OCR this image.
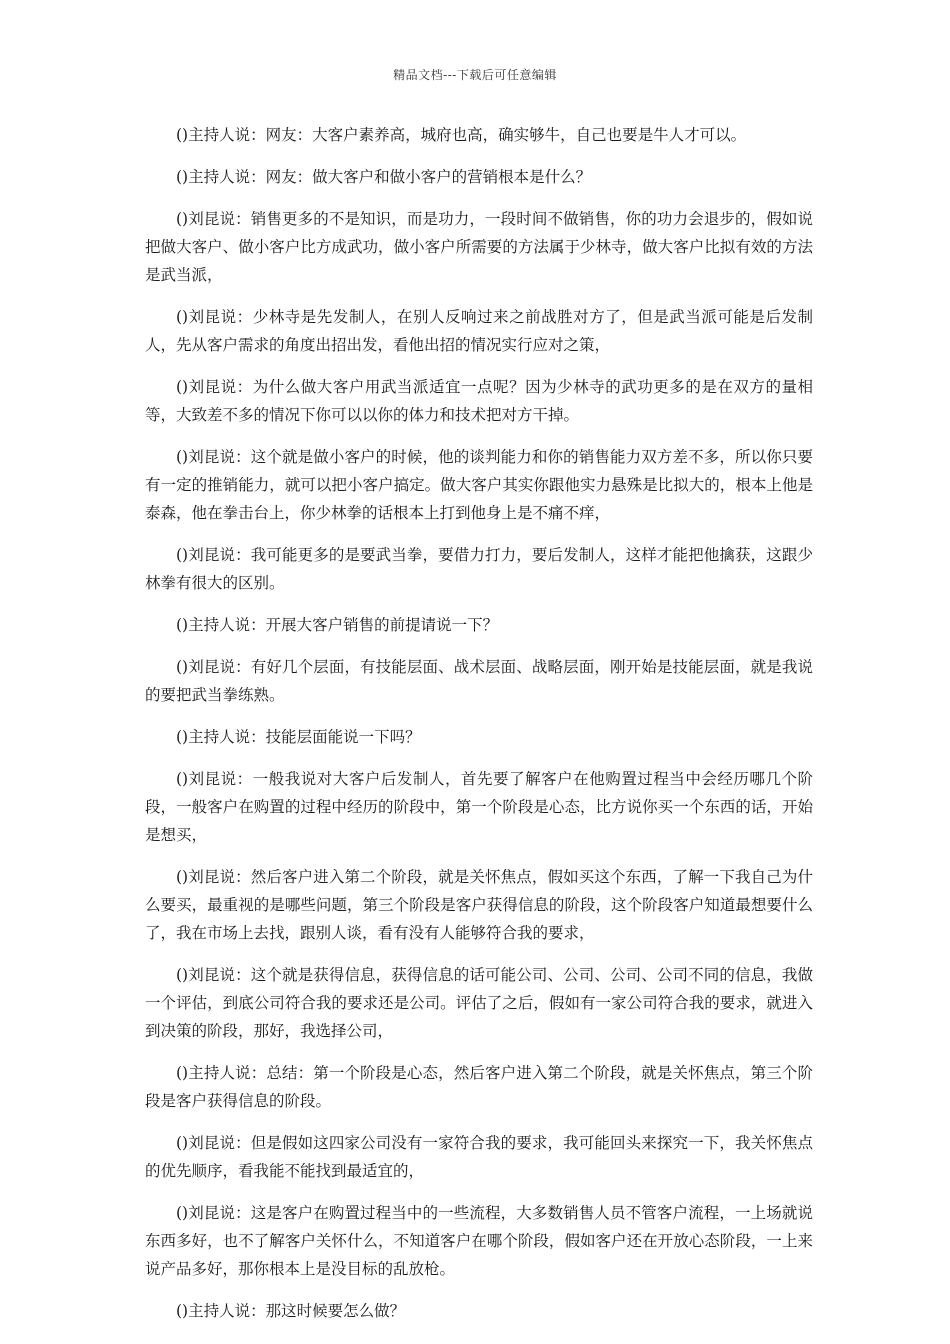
精品文档---下载后可任意编辑

()主持人说：网友：大客户素养高，城府也高，确实够牛，自己也要是牛人才可以。

()主持人说：网友：做大客户和做小客户的营销根本是什么？

()刘昆说：销售更多的不是知识，而是功力，一段时间不做销售，你的功力会退步的，假如说把做大客户、做小客户比方成武功，做小客户所需要的方法属于少林寺，做大客户比拟有效的方法是武当派，

()刘昆说：少林寺是先发制人，在别人反响过来之前战胜对方了，但是武当派可能是后发制人，先从客户需求的角度出招出发，看他出招的情况实行应对之策，

()刘昆说：为什么做大客户用武当派适宜一点呢？因为少林寺的武功更多的是在双方的量相等，大致差不多的情况下你可以以你的体力和技术把对方干掉。

()刘昆说：这个就是做小客户的时候，他的谈判能力和你的销售能力双方差不多，所以你只要有一定的推销能力，就可以把小客户搞定。做大客户其实你跟他实力悬殊是比拟大的，根本上他是泰森，他在拳击台上，你少林拳的话根本上打到他身上是不痛不痒，

()刘昆说：我可能更多的是要武当拳，要借力打力，要后发制人，这样才能把他擒获，这跟少林拳有很大的区别。

()主持人说：开展大客户销售的前提请说一下？

()刘昆说：有好几个层面，有技能层面、战术层面、战略层面，刚开始是技能层面，就是我说的要把武当拳练熟。

()主持人说：技能层面能说一下吗？

()刘昆说：一般我说对大客户后发制人，首先要了解客户在他购置过程当中会经历哪几个阶段，一般客户在购置的过程中经历的阶段中，第一个阶段是心态，比方说你买一个东西的话，开始是想买，

()刘昆说：然后客户进入第二个阶段，就是关怀焦点，假如买这个东西，了解一下我自己为什么要买，最重视的是哪些问题，第三个阶段是客户获得信息的阶段，这个阶段客户知道最想要什么了，我在市场上去找，跟别人谈，看有没有人能够符合我的要求，

()刘昆说：这个就是获得信息，获得信息的话可能公司、公司、公司、公司不同的信息，我做一个评估，到底公司符合我的要求还是公司。评估了之后，假如有一家公司符合我的要求，就进入到决策的阶段，那好，我选择公司，

()主持人说：总结：第一个阶段是心态，然后客户进入第二个阶段，就是关怀焦点，第三个阶段是客户获得信息的阶段。

()刘昆说：但是假如这四家公司没有一家符合我的要求，我可能回头来探究一下，我关怀焦点的优先顺序，看我能不能找到最适宜的，

()刘昆说：这是客户在购置过程当中的一些流程，大多数销售人员不管客户流程，一上场就说东西多好，也不了解客户关怀什么，不知道客户在哪个阶段，假如客户还在开放心态阶段，一上来说产品多好，那你根本上是没目标的乱放枪。

()主持人说：那这时候要怎么做？
